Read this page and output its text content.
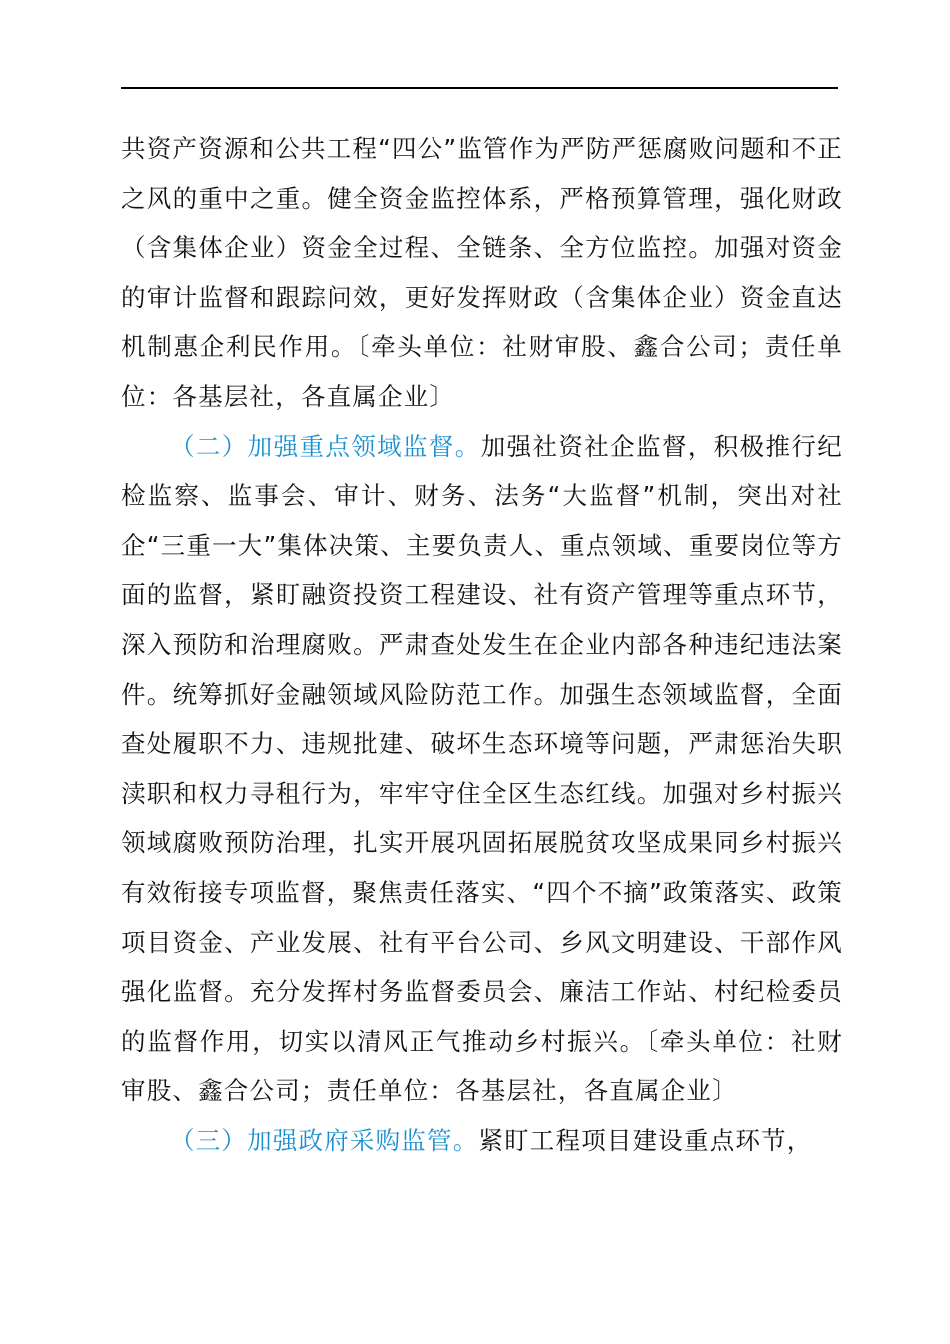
共资产资源和公共工程“四公”监管作为严防严惩腐败问题和不正之风的重中之重。健全资金监控体系，严格预算管理，强化财政（含集体企业）资金全过程、全链条、全方位监控。加强对资金的审计监督和跟踪问效，更好发挥财政（含集体企业）资金直达机制惠企利民作用。〔牵头单位：社财审股、鑫合公司；责任单位：各基层社，各直属企业〕

（二）加强重点领域监督。加强社资社企监督，积极推行纪检监察、监事会、审计、财务、法务“大监督”机制，突出对社企“三重一大”集体决策、主要负责人、重点领域、重要岗位等方面的监督，紧盯融资投资工程建设、社有资产管理等重点环节，深入预防和治理腐败。严肃查处发生在企业内部各种违纪违法案件。统筹抓好金融领域风险防范工作。加强生态领域监督，全面查处履职不力、违规批建、破坏生态环境等问题，严肃惩治失职渎职和权力寻租行为，牢牢守住全区生态红线。加强对乡村振兴领域腐败预防治理，扎实开展巩固拓展脱贫攻坚成果同乡村振兴有效衔接专项监督，聚焦责任落实、“四个不摘”政策落实、政策项目资金、产业发展、社有平台公司、乡风文明建设、干部作风强化监督。充分发挥村务监督委员会、廉洁工作站、村纪检委员的监督作用，切实以清风正气推动乡村振兴。〔牵头单位：社财审股、鑫合公司；责任单位：各基层社，各直属企业〕

（三）加强政府采购监管。紧盯工程项目建设重点环节，
